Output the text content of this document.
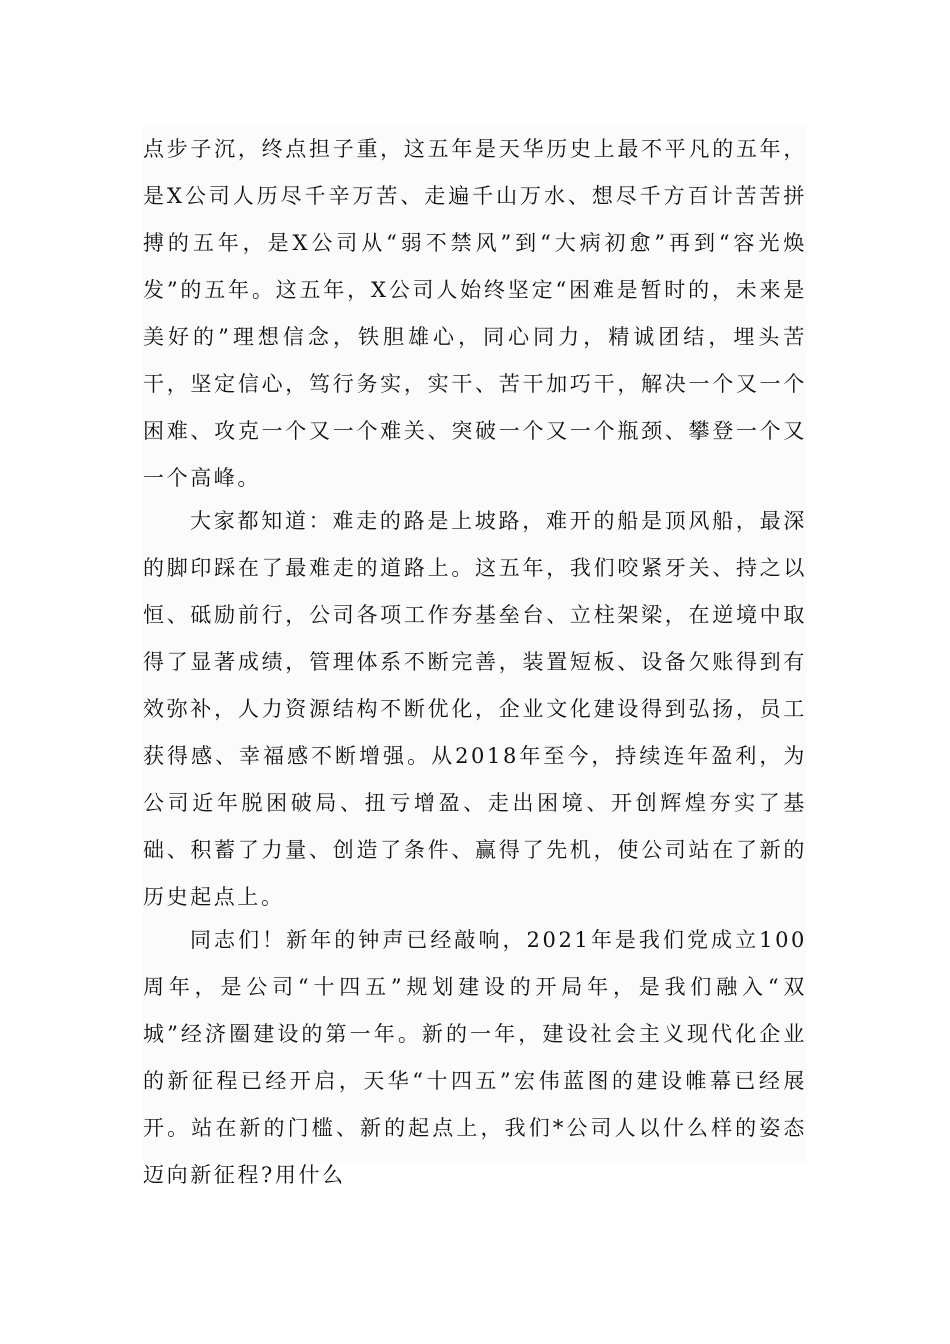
点步子沉，终点担子重，这五年是天华历史上最不平凡的五年，是X公司人历尽千辛万苦、走遍千山万水、想尽千方百计苦苦拼搏的五年，是X公司从“弱不禁风”到“大病初愈”再到“容光焕发”的五年。这五年，X公司人始终坚定“困难是暂时的，未来是美好的”理想信念，铁胆雄心，同心同力，精诚团结，埋头苦干，坚定信心，笃行务实，实干、苦干加巧干，解决一个又一个困难、攻克一个又一个难关、突破一个又一个瓶颈、攀登一个又一个高峰。

大家都知道：难走的路是上坡路，难开的船是顶风船，最深的脚印踩在了最难走的道路上。这五年，我们咬紧牙关、持之以恒、砥励前行，公司各项工作夯基垒台、立柱架梁，在逆境中取得了显著成绩，管理体系不断完善，装置短板、设备欠账得到有效弥补，人力资源结构不断优化，企业文化建设得到弘扬，员工获得感、幸福感不断增强。从2018年至今，持续连年盈利，为公司近年脱困破局、扭亏增盈、走出困境、开创辉煌夯实了基础、积蓄了力量、创造了条件、赢得了先机，使公司站在了新的历史起点上。

同志们！新年的钟声已经敲响，2021年是我们党成立100周年，是公司“十四五”规划建设的开局年，是我们融入“双城”经济圈建设的第一年。新的一年，建设社会主义现代化企业的新征程已经开启，天华“十四五”宏伟蓝图的建设帷幕已经展开。站在新的门槛、新的起点上，我们*公司人以什么样的姿态迈向新征程?用什么
